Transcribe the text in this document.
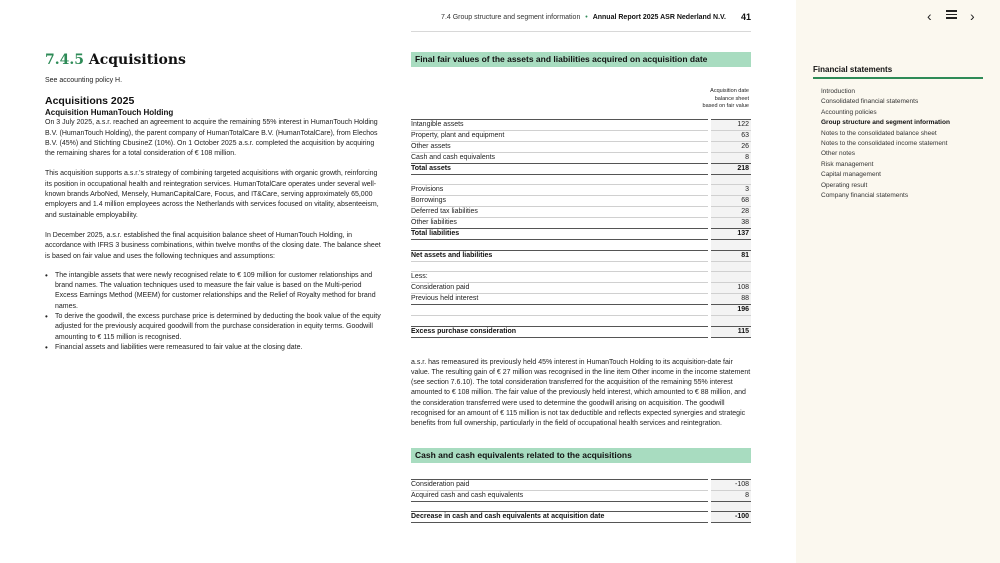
7.4 Group structure and segment information • Annual Report 2025 ASR Nederland N.V. 41
7.4.5 Acquisitions
See accounting policy H.
Acquisitions 2025
Acquisition HumanTouch Holding

On 3 July 2025, a.s.r. reached an agreement to acquire the remaining 55% interest in HumanTouch Holding B.V. (HumanTouch Holding), the parent company of HumanTotalCare B.V. (HumanTotalCare), from Elechos B.V. (45%) and Stichting CbusineZ (10%). On 1 October 2025 a.s.r. completed the acquisition by acquiring the remaining shares for a total consideration of € 108 million.

This acquisition supports a.s.r.'s strategy of combining targeted acquisitions with organic growth, reinforcing its position in occupational health and reintegration services. HumanTotalCare operates under several well-known brands ArboNed, Mensely, HumanCapitalCare, Focus, and IT&Care, serving approximately 65,000 employers and 1.4 million employees across the Netherlands with services focused on vitality, absenteeism, and sustainable employability.

In December 2025, a.s.r. established the final acquisition balance sheet of HumanTouch Holding, in accordance with IFRS 3 business combinations, within twelve months of the closing date. The balance sheet is based on fair value and uses the following techniques and assumptions:

• The intangible assets that were newly recognised relate to € 109 million for customer relationships and brand names. The valuation techniques used to measure the fair value is based on the Multi-period Excess Earnings Method (MEEM) for customer relationships and the Relief of Royalty method for brand names.
• To derive the goodwill, the excess purchase price is determined by deducting the book value of the equity adjusted for the previously acquired goodwill from the purchase consideration in equity terms. Goodwill amounting to € 115 million is recognised.
• Financial assets and liabilities were remeasured to fair value at the closing date.
Final fair values of the assets and liabilities acquired on acquisition date
Acquisition date balance sheet based on fair value
Intangible assets	122
Property, plant and equipment	63
Other assets	26
Cash and cash equivalents	8
Total assets	218

Provisions	3
Borrowings	68
Deferred tax liabilities	28
Other liabilities	38
Total liabilities	137

Net assets and liabilities	81

Less:	
Consideration paid	108
Previous held interest	88
	196

Excess purchase consideration	115

a.s.r. has remeasured its previously held 45% interest in HumanTouch Holding to its acquisition-date fair value. The resulting gain of € 27 million was recognised in the line item Other income in the income statement (see section 7.6.10). The total consideration transferred for the acquisition of the remaining 55% interest amounted to € 108 million. The fair value of the previously held interest, which amounted to € 88 million, and the consideration transferred were used to determine the goodwill arising on acquisition. The goodwill recognised for an amount of € 115 million is not tax deductible and reflects expected synergies and strategic benefits from full ownership, particularly in the field of occupational health services and reintegration.

Cash and cash equivalents related to the acquisitions
Consideration paid	-108
Acquired cash and cash equivalents	8

Decrease in cash and cash equivalents at acquisition date	-100
‹	›
Financial statements
Introduction
Consolidated financial statements
Accounting policies
Group structure and segment information
Notes to the consolidated balance sheet
Notes to the consolidated income statement
Other notes
Risk management
Capital management
Operating result
Company financial statements
